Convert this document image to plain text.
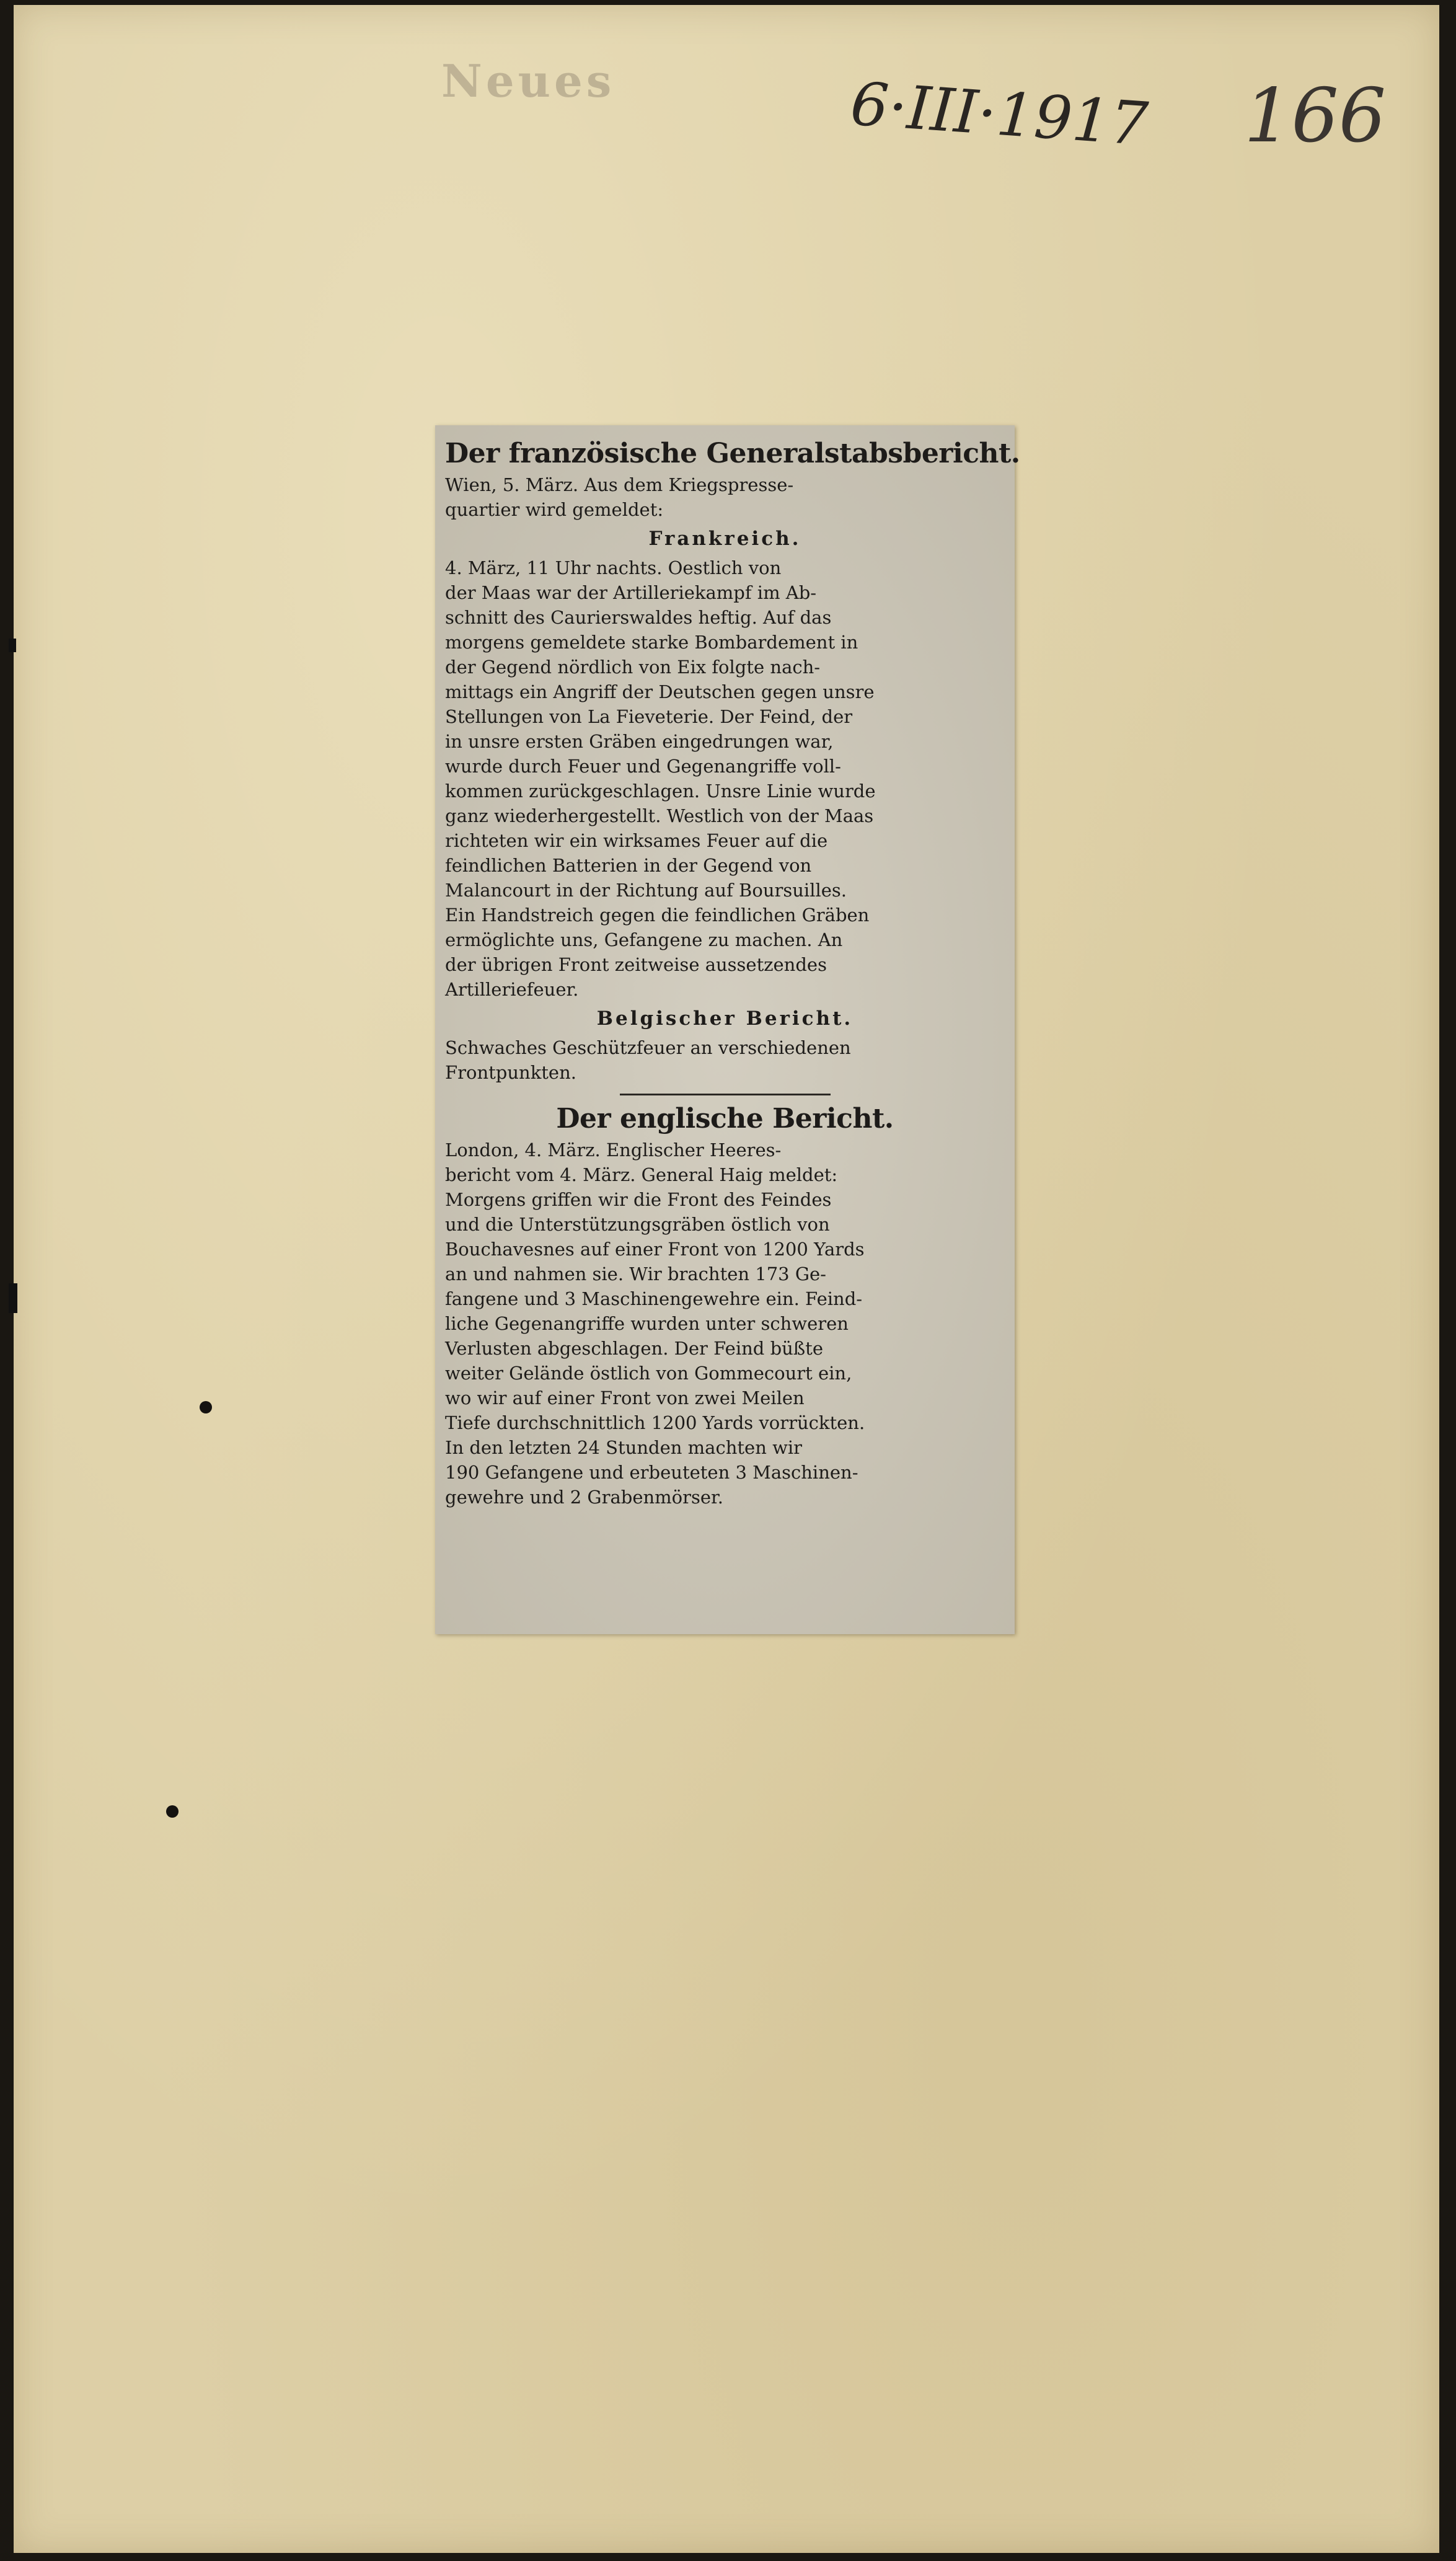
Neues	6·III·1917 166
Der französische Generalstabsbericht.

Wien, 5. März. Aus dem Kriegspresse-
quartier wird gemeldet:

Frankreich.

4. März, 11 Uhr nachts. Oestlich von
der Maas war der Artilleriekampf im Ab-
schnitt des Caurierswaldes heftig. Auf das
morgens gemeldete starke Bombardement in
der Gegend nördlich von Eix folgte nach-
mittags ein Angriff der Deutschen gegen unsre
Stellungen von La Fieveterie. Der Feind, der
in unsre ersten Gräben eingedrungen war,
wurde durch Feuer und Gegenangriffe voll-
kommen zurückgeschlagen. Unsre Linie wurde
ganz wiederhergestellt. Westlich von der Maas
richteten wir ein wirksames Feuer auf die
feindlichen Batterien in der Gegend von
Malancourt in der Richtung auf Boursuilles.
Ein Handstreich gegen die feindlichen Gräben
ermöglichte uns, Gefangene zu machen. An
der übrigen Front zeitweise aussetzendes
Artilleriefeuer.

Belgischer Bericht.

Schwaches Geschützfeuer an verschiedenen
Frontpunkten.

Der englische Bericht.

London, 4. März. Englischer Heeres-
bericht vom 4. März. General Haig meldet:
Morgens griffen wir die Front des Feindes
und die Unterstützungsgräben östlich von
Bouchavesnes auf einer Front von 1200 Yards
an und nahmen sie. Wir brachten 173 Ge-
fangene und 3 Maschinengewehre ein. Feind-
liche Gegenangriffe wurden unter schweren
Verlusten abgeschlagen. Der Feind büßte
weiter Gelände östlich von Gommecourt ein,
wo wir auf einer Front von zwei Meilen
Tiefe durchschnittlich 1200 Yards vorrückten.
In den letzten 24 Stunden machten wir
190 Gefangene und erbeuteten 3 Maschinen-
gewehre und 2 Grabenmörser.
